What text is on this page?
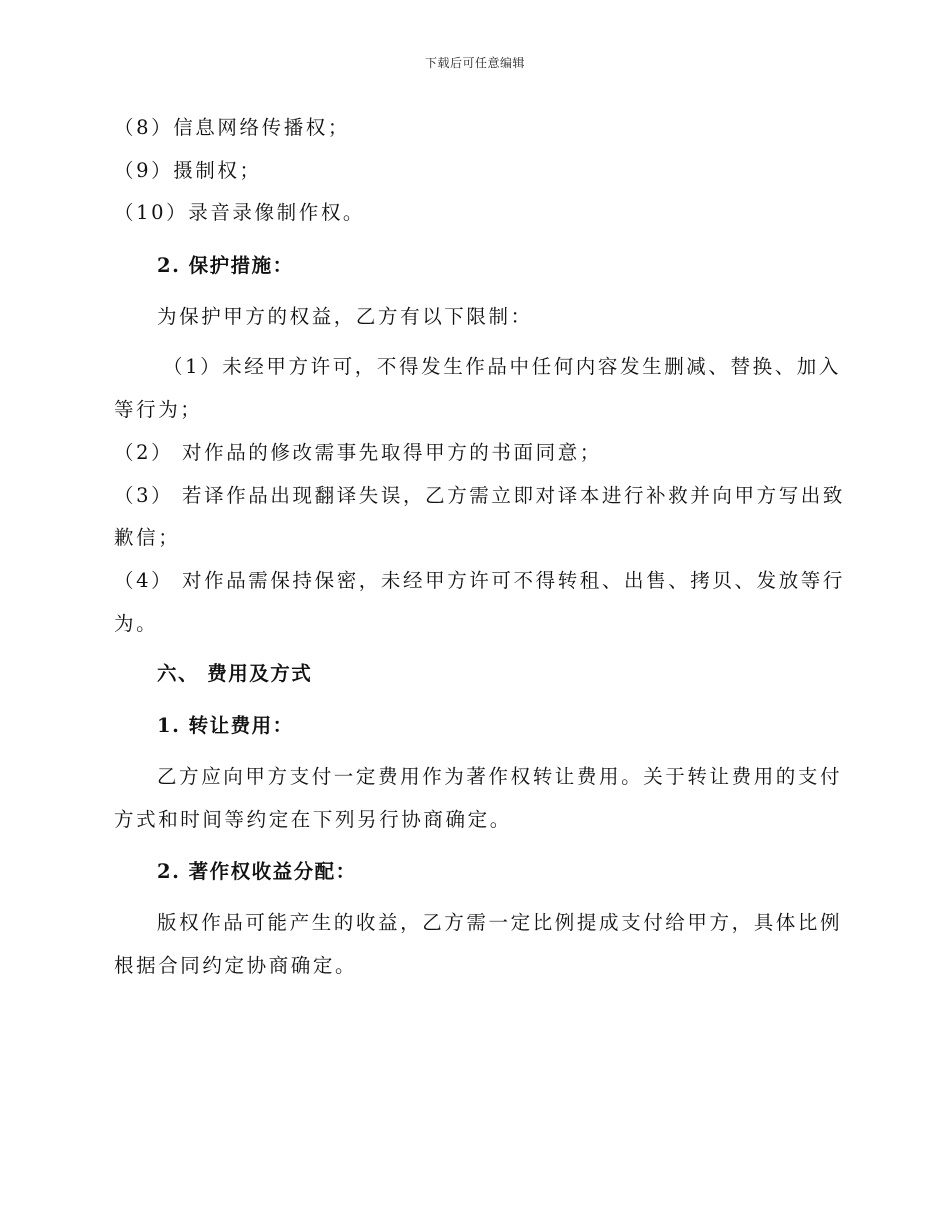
下载后可任意编辑
（8）信息网络传播权；
（9）摄制权；
（10）录音录像制作权。
2. 保护措施：
为保护甲方的权益，乙方有以下限制：
（1）未经甲方许可，不得发生作品中任何内容发生删减、替换、加入
等行为；
（2） 对作品的修改需事先取得甲方的书面同意；
（3） 若译作品出现翻译失误，乙方需立即对译本进行补救并向甲方写出致
歉信；
（4） 对作品需保持保密，未经甲方许可不得转租、出售、拷贝、发放等行
为。
六、 费用及方式
1. 转让费用：
乙方应向甲方支付一定费用作为著作权转让费用。关于转让费用的支付
方式和时间等约定在下列另行协商确定。
2. 著作权收益分配：
版权作品可能产生的收益，乙方需一定比例提成支付给甲方，具体比例
根据合同约定协商确定。
